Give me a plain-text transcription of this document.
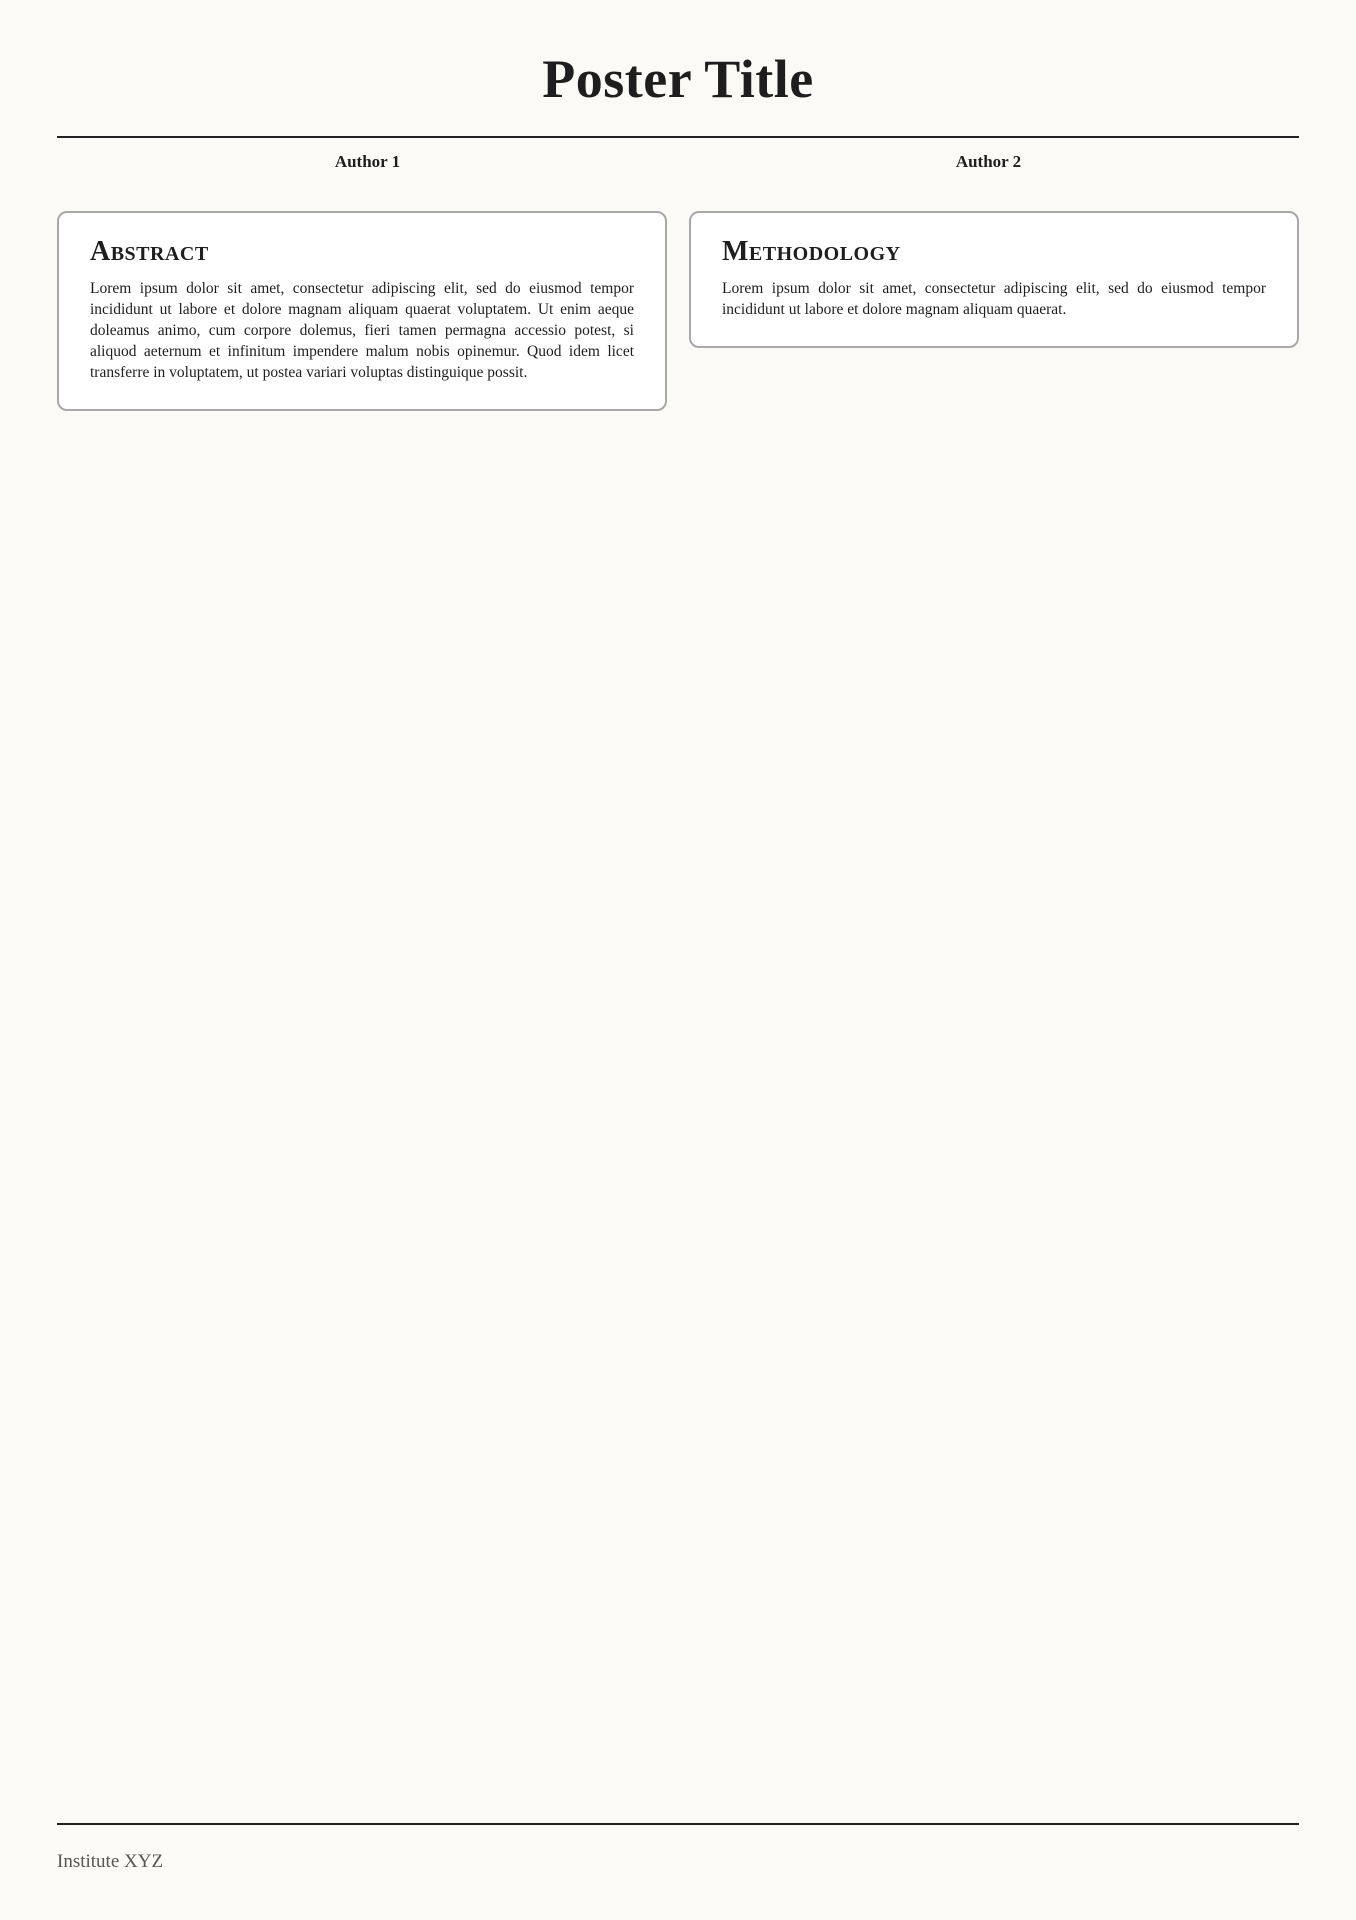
Poster Title
Author 1	Author 2
Abstract

Lorem ipsum dolor sit amet, consectetur adipiscing elit, sed do eiusmod tempor incididunt ut labore et dolore magnam aliquam quaerat voluptatem. Ut enim aeque doleamus animo, cum corpore dolemus, fieri tamen permagna accessio potest, si aliquod aeternum et infinitum impendere malum nobis opinemur. Quod idem licet transferre in voluptatem, ut postea variari voluptas distinguique possit.

Methodology

Lorem ipsum dolor sit amet, consectetur adipiscing elit, sed do eiusmod tempor incididunt ut labore et dolore magnam aliquam quaerat.

Institute XYZ
